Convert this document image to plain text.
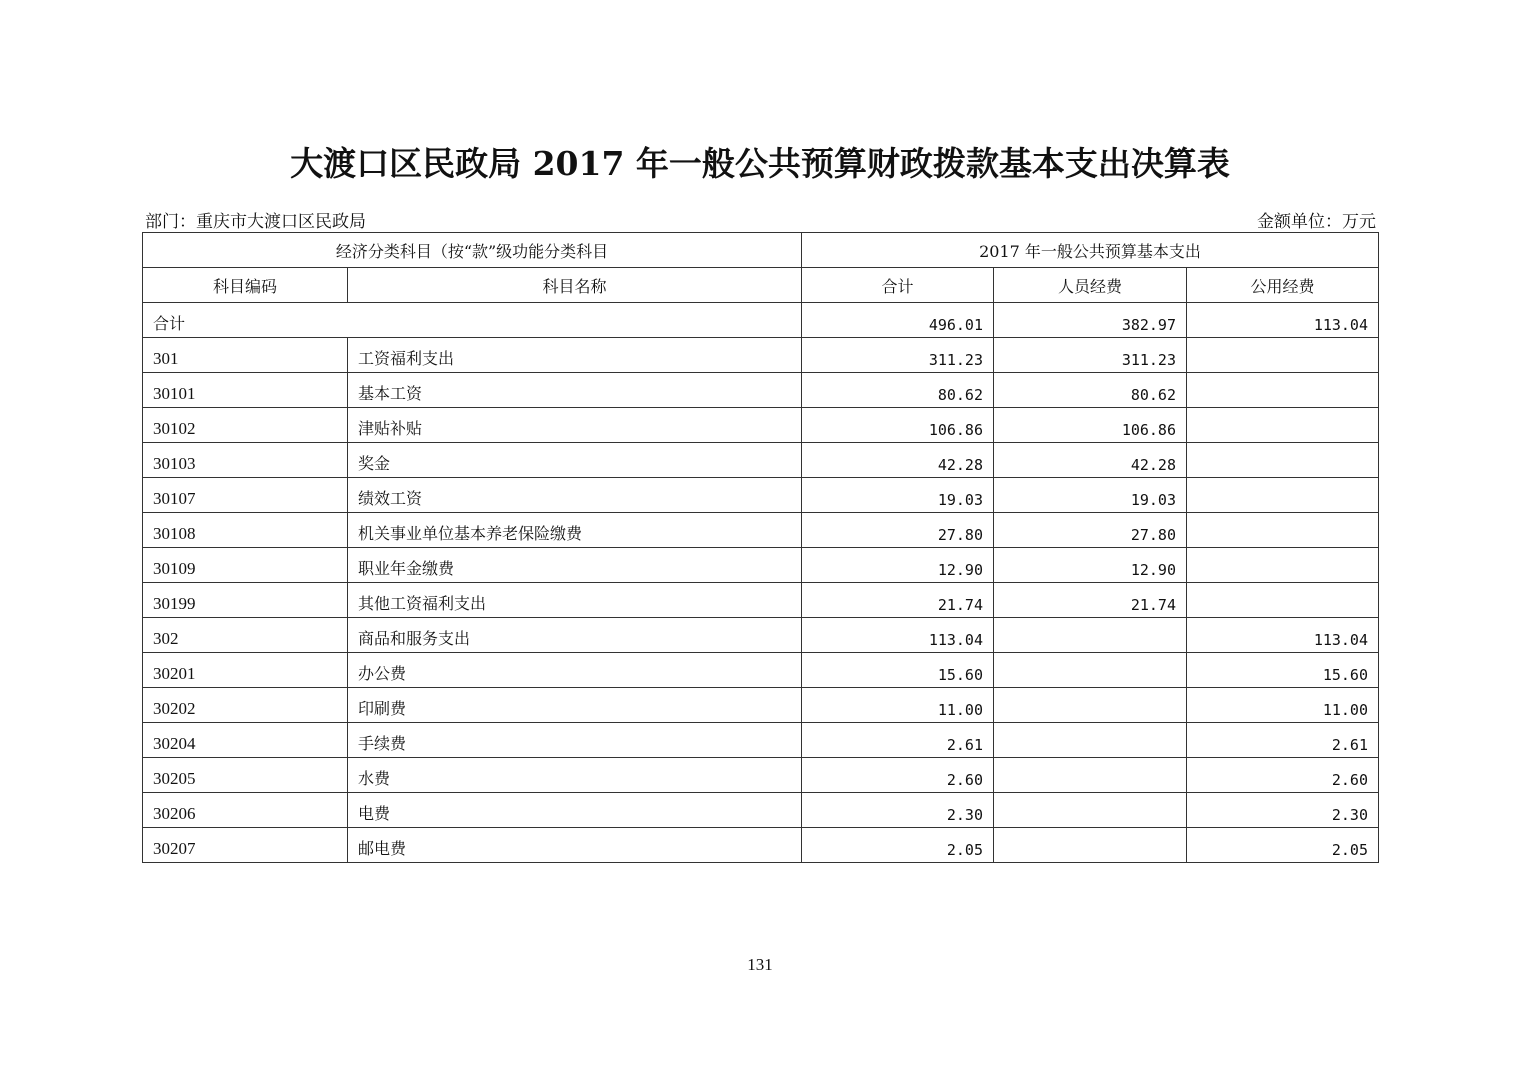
大渡口区民政局 2017 年一般公共预算财政拨款基本支出决算表
部门：重庆市大渡口区民政局	金额单位：万元
经济分类科目（按“款”级功能分类科目		2017 年一般公共预算基本支出		
科目编码	科目名称	合计	人员经费	公用经费
合计		496.01	382.97	113.04
301	工资福利支出	311.23	311.23	
30101	基本工资	80.62	80.62	
30102	津贴补贴	106.86	106.86	
30103	奖金	42.28	42.28	
30107	绩效工资	19.03	19.03	
30108	机关事业单位基本养老保险缴费	27.80	27.80	
30109	职业年金缴费	12.90	12.90	
30199	其他工资福利支出	21.74	21.74	
302	商品和服务支出	113.04		113.04
30201	办公费	15.60		15.60
30202	印刷费	11.00		11.00
30204	手续费	2.61		2.61
30205	水费	2.60		2.60
30206	电费	2.30		2.30
30207	邮电费	2.05		2.05
131
